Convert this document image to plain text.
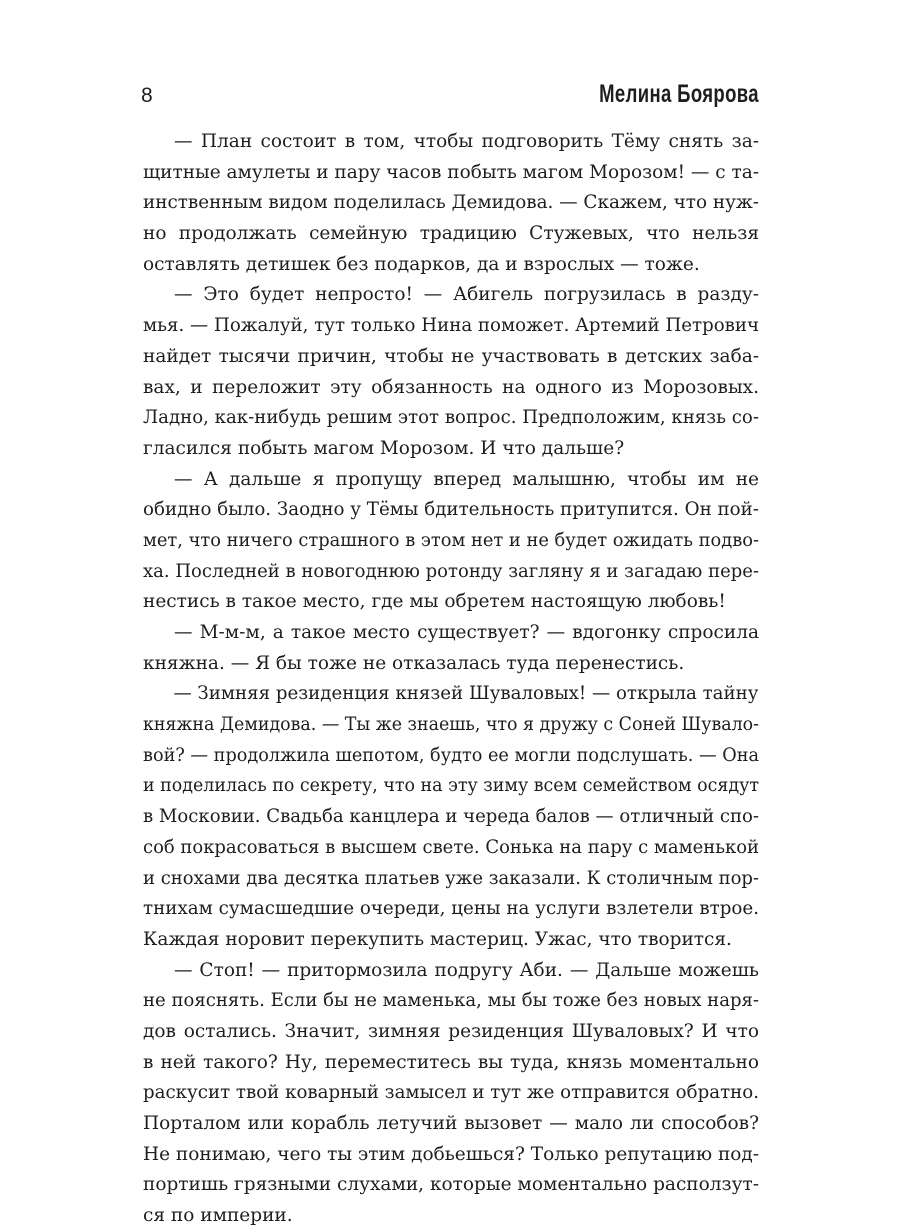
8	Мелина Боярова
— План состоит в том, чтобы подговорить Тёму снять за-
щитные амулеты и пару часов побыть магом Морозом! — с та-
инственным видом поделилась Демидова. — Скажем, что нуж-
но продолжать семейную традицию Стужевых, что нельзя
оставлять детишек без подарков, да и взрослых — тоже.
— Это будет непросто! — Абигель погрузилась в разду-
мья. — Пожалуй, тут только Нина поможет. Артемий Петрович
найдет тысячи причин, чтобы не участвовать в детских заба-
вах, и переложит эту обязанность на одного из Морозовых.
Ладно, как-нибудь решим этот вопрос. Предположим, князь со-
гласился побыть магом Морозом. И что дальше?
— А дальше я пропущу вперед малышню, чтобы им не
обидно было. Заодно у Тёмы бдительность притупится. Он пой-
мет, что ничего страшного в этом нет и не будет ожидать подво-
ха. Последней в новогоднюю ротонду загляну я и загадаю пере-
нестись в такое место, где мы обретем настоящую любовь!
— М-м-м, а такое место существует? — вдогонку спросила
княжна. — Я бы тоже не отказалась туда перенестись.
— Зимняя резиденция князей Шуваловых! — открыла тайну
княжна Демидова. — Ты же знаешь, что я дружу с Соней Шувало-
вой? — продолжила шепотом, будто ее могли подслушать. — Она
и поделилась по секрету, что на эту зиму всем семейством осядут
в Московии. Свадьба канцлера и череда балов — отличный спо-
соб покрасоваться в высшем свете. Сонька на пару с маменькой
и снохами два десятка платьев уже заказали. К столичным пор-
тнихам сумасшедшие очереди, цены на услуги взлетели втрое.
Каждая норовит перекупить мастериц. Ужас, что творится.
— Стоп! — притормозила подругу Аби. — Дальше можешь
не пояснять. Если бы не маменька, мы бы тоже без новых наря-
дов остались. Значит, зимняя резиденция Шуваловых? И что
в ней такого? Ну, переместитесь вы туда, князь моментально
раскусит твой коварный замысел и тут же отправится обратно.
Порталом или корабль летучий вызовет — мало ли способов?
Не понимаю, чего ты этим добьешься? Только репутацию под-
портишь грязными слухами, которые моментально расползут-
ся по империи.
